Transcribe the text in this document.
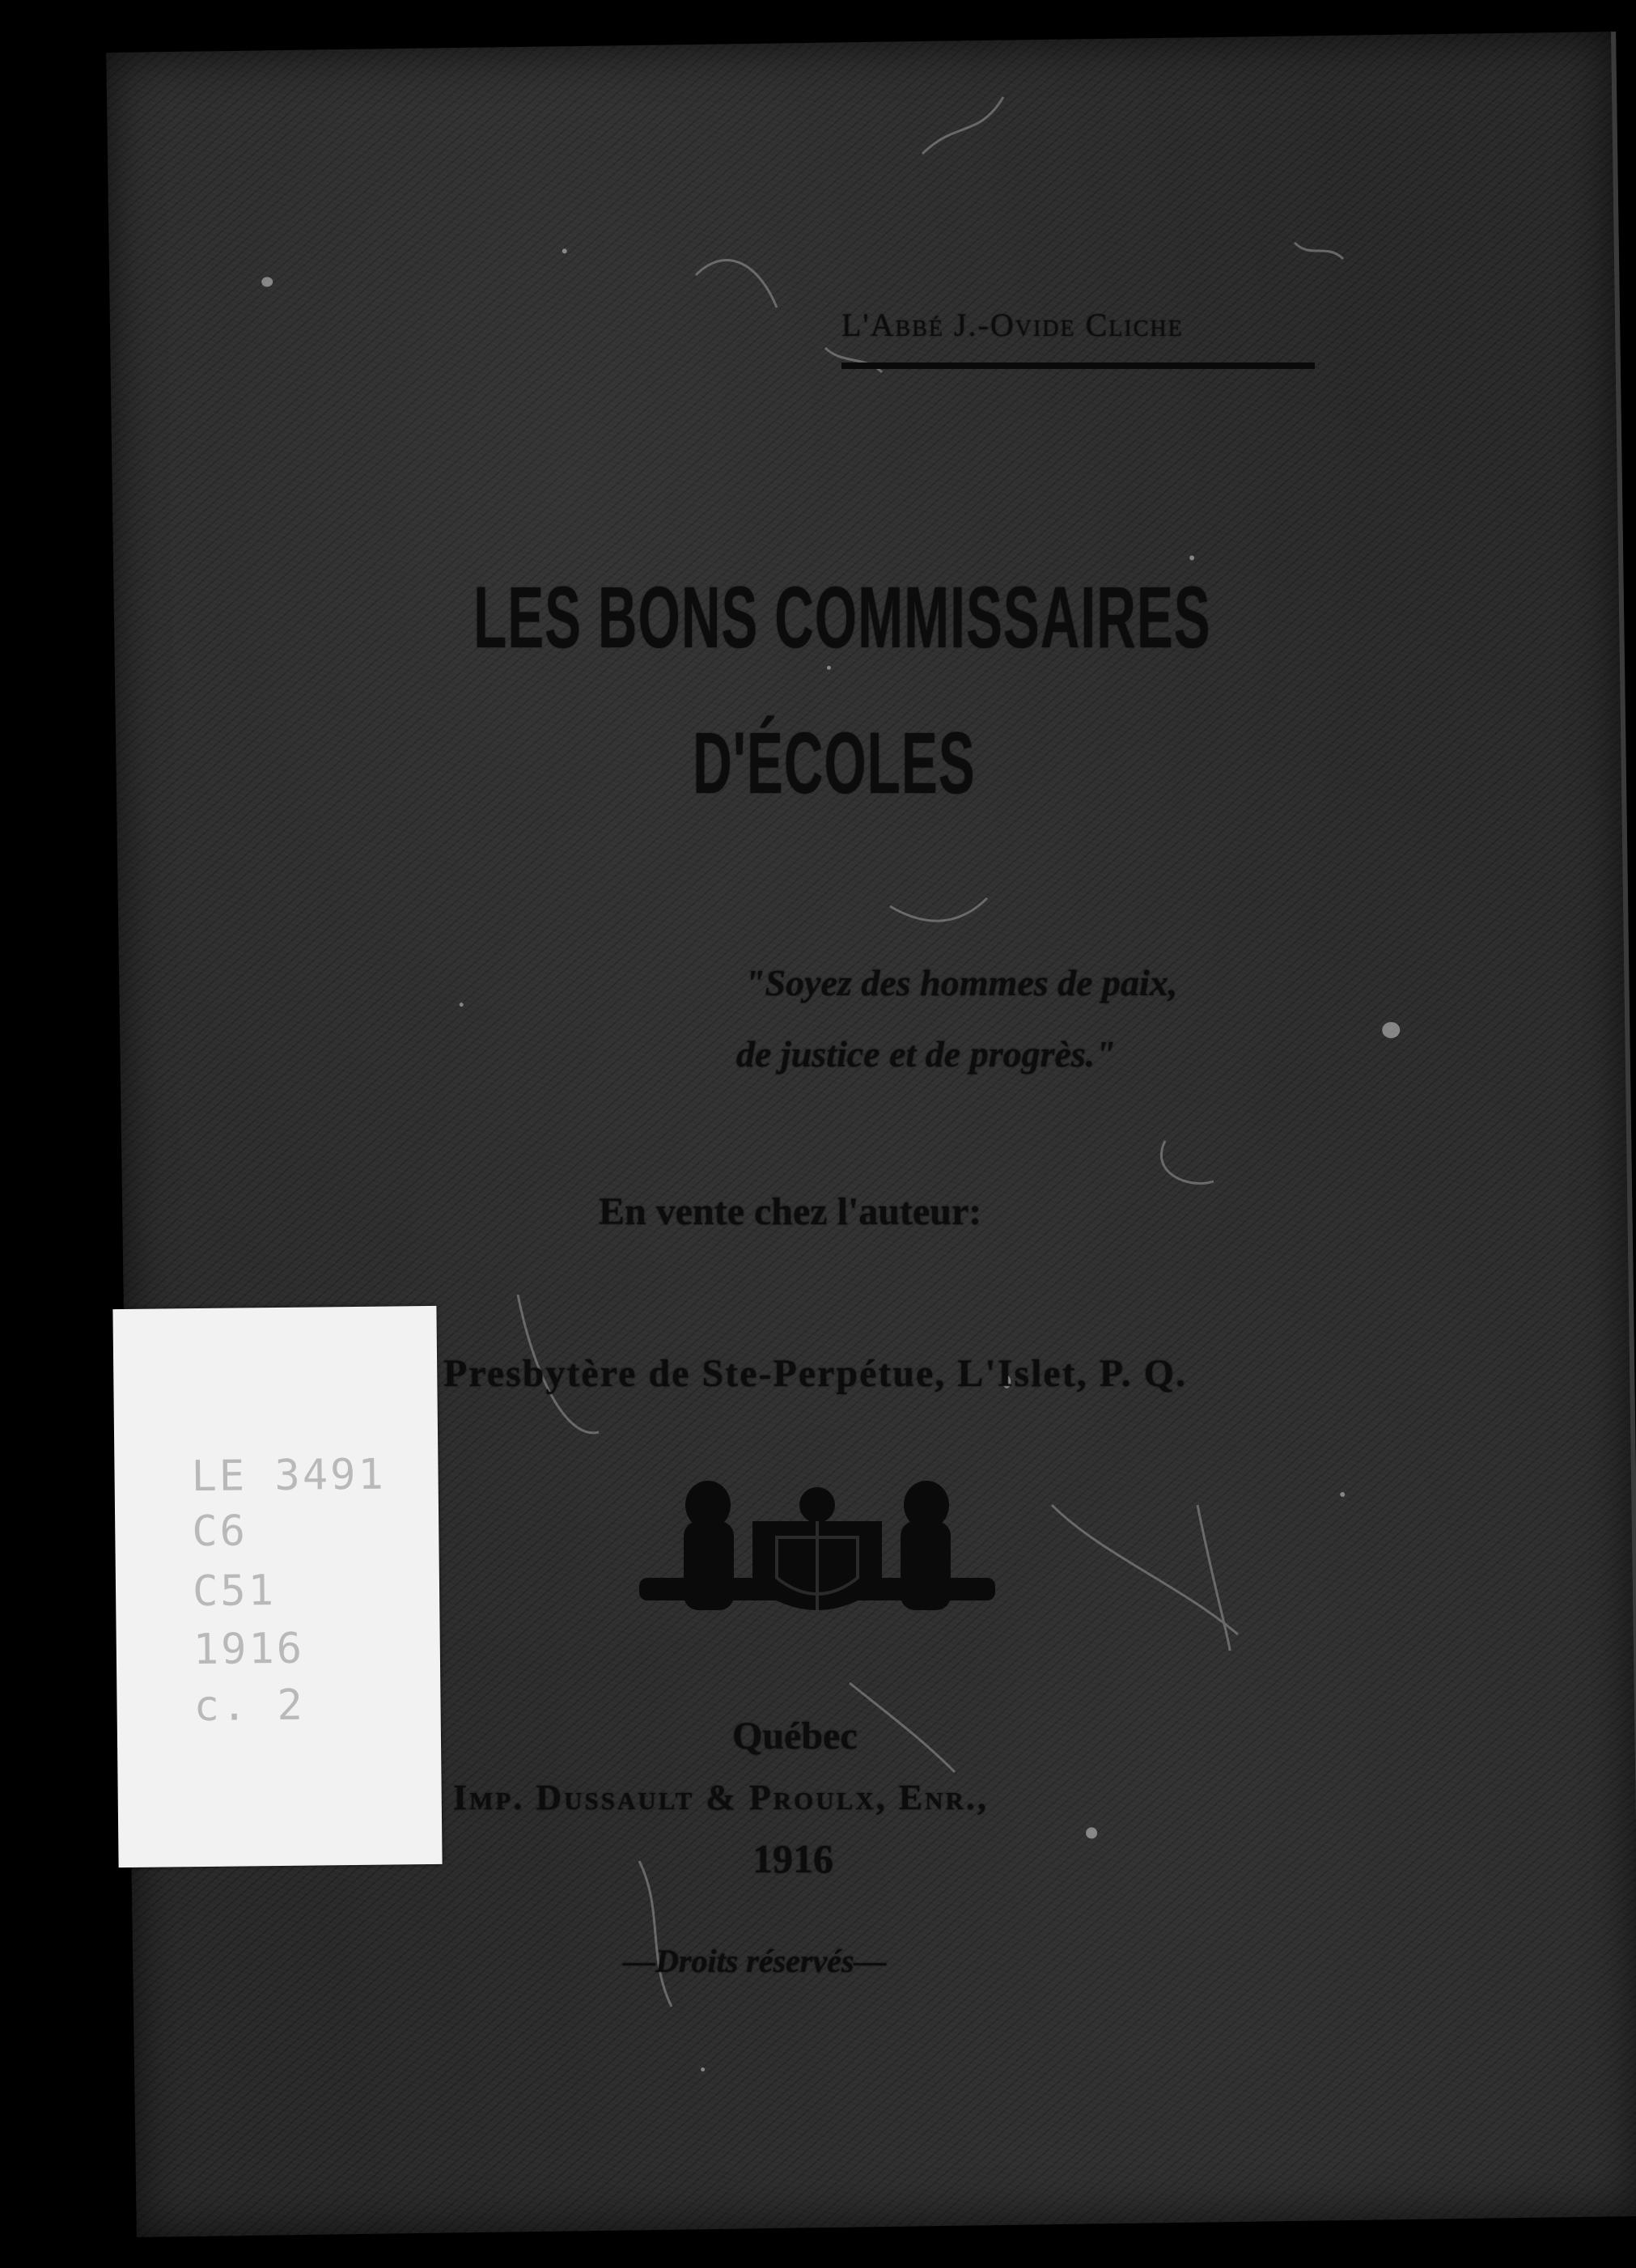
L'Abbé J.-Ovide Cliche
LES BONS COMMISSAIRES
D'ÉCOLES
"Soyez des hommes de paix,
de justice et de progrès."
En vente chez l'auteur:
Presbytère de Ste-Perpétue, L'Islet, P. Q.
Québec
Imp. Dussault & Proulx, Enr.,
1916
—Droits réservés—
LE 3491
C6
C51
1916
c. 2
